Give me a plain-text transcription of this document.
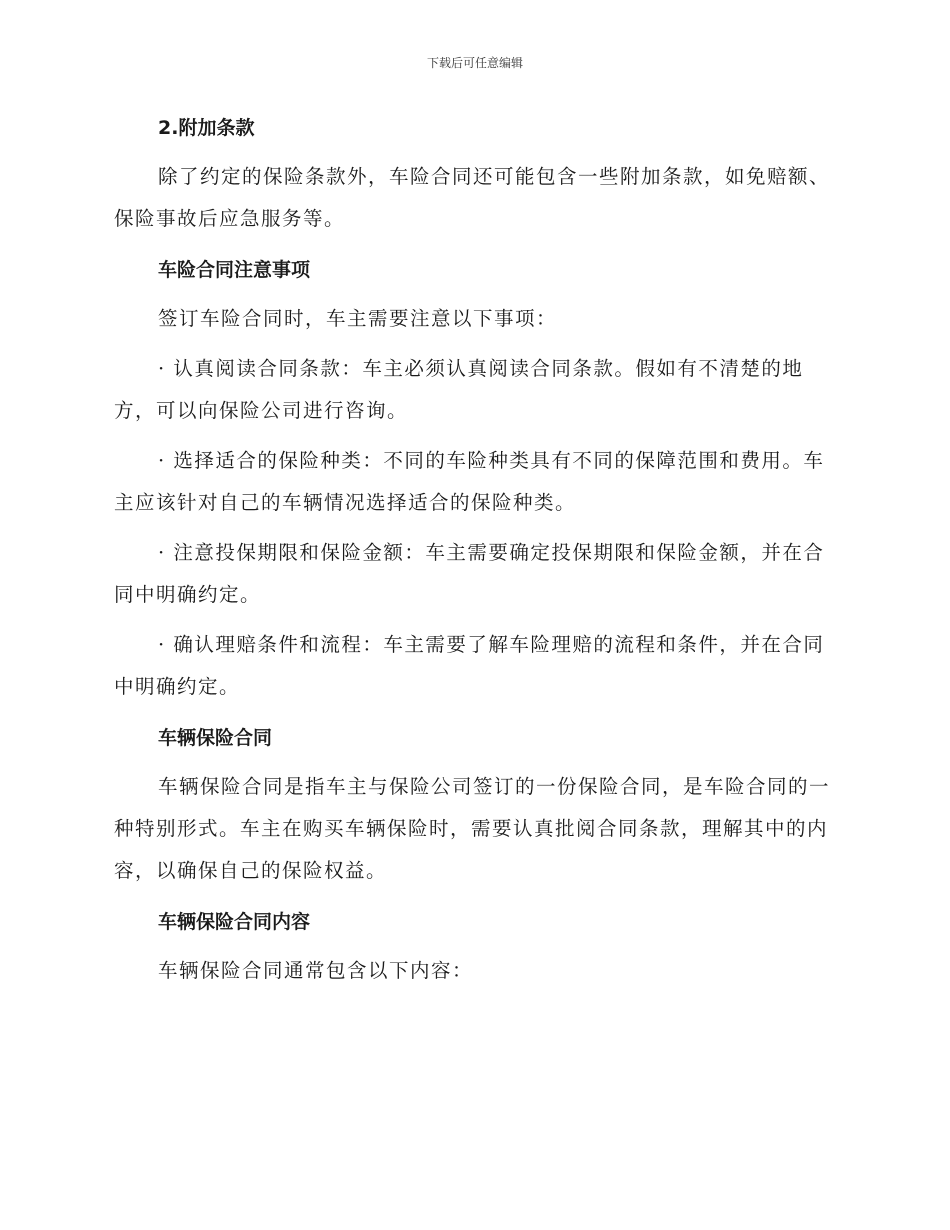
下载后可任意编辑

2.附加条款

除了约定的保险条款外，车险合同还可能包含一些附加条款，如免赔额、保险事故后应急服务等。

车险合同注意事项

签订车险合同时，车主需要注意以下事项：

· 认真阅读合同条款：车主必须认真阅读合同条款。假如有不清楚的地方，可以向保险公司进行咨询。

· 选择适合的保险种类：不同的车险种类具有不同的保障范围和费用。车主应该针对自己的车辆情况选择适合的保险种类。

· 注意投保期限和保险金额：车主需要确定投保期限和保险金额，并在合同中明确约定。

· 确认理赔条件和流程：车主需要了解车险理赔的流程和条件，并在合同中明确约定。

车辆保险合同

车辆保险合同是指车主与保险公司签订的一份保险合同，是车险合同的一种特别形式。车主在购买车辆保险时，需要认真批阅合同条款，理解其中的内容，以确保自己的保险权益。

车辆保险合同内容

车辆保险合同通常包含以下内容：
